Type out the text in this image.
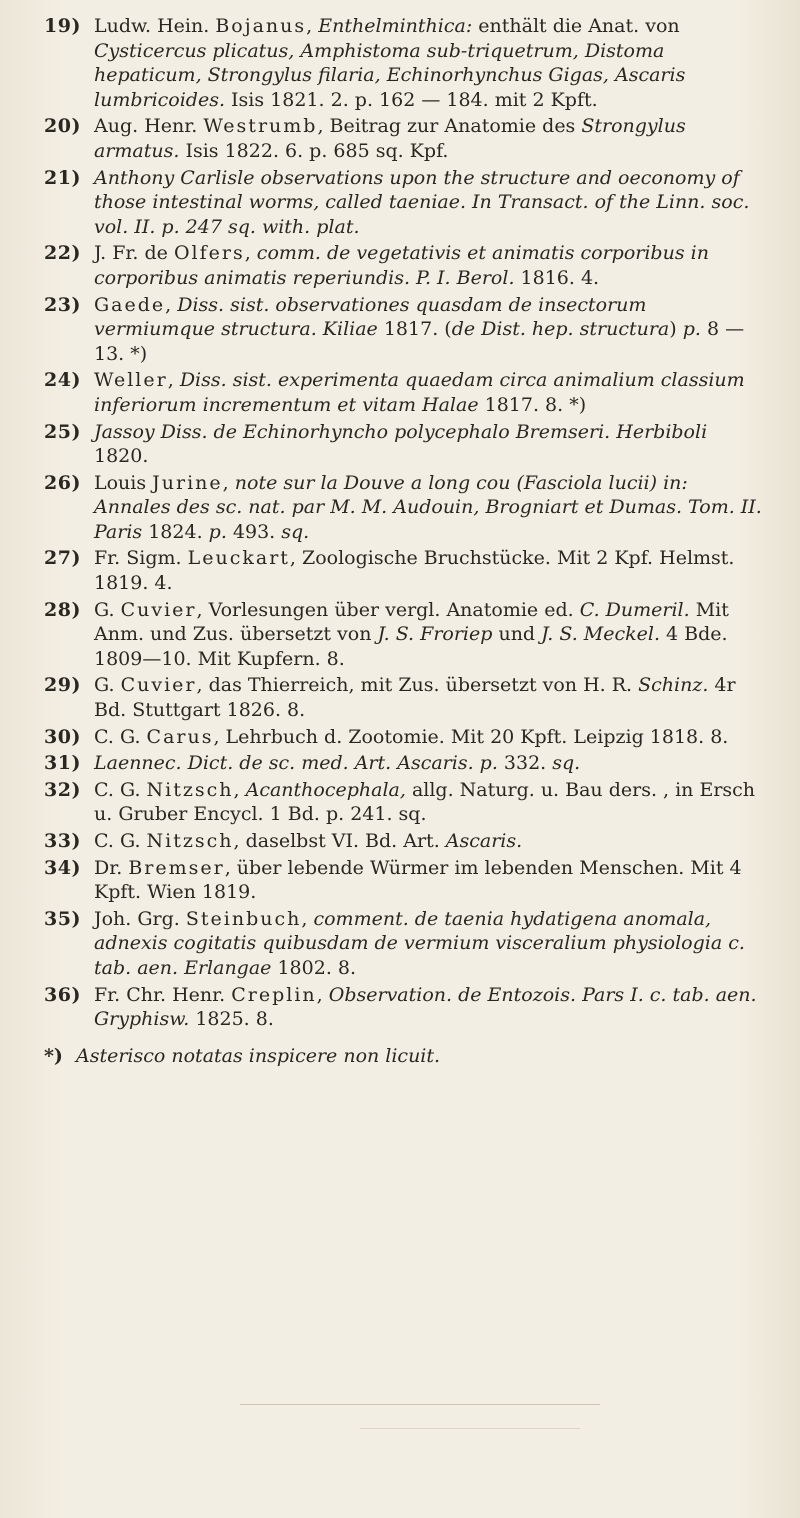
19) Ludw. Hein. Bojanus, Enthelminthica: enthält die Anat. von Cysticercus plicatus, Amphistoma sub-triquetrum, Distoma hepaticum, Strongylus filaria, Echinorhynchus Gigas, Ascaris lumbricoides. Isis 1821. 2. p. 162 — 184. mit 2 Kpft.
20) Aug. Henr. Westrumb, Beitrag zur Anatomie des Strongylus armatus. Isis 1822. 6. p. 685 sq. Kpf.
21) Anthony Carlisle observations upon the structure and oeconomy of those intestinal worms, called taeniae. In Transact. of the Linn. soc. vol. II. p. 247 sq. with. plat.
22) J. Fr. de Olfers, comm. de vegetativis et animatis corporibus in corporibus animatis reperiundis. P. I. Berol. 1816. 4.
23) Gaede, Diss. sist. observationes quasdam de insectorum vermiumque structura. Kiliae 1817. (de Dist. hep. structura) p. 8 — 13. *)
24) Weller, Diss. sist. experimenta quaedam circa animalium classium inferiorum incrementum et vitam Halae 1817. 8. *)
25) Jassoy Diss. de Echinorhyncho polycephalo Bremseri. Herbiboli 1820.
26) Louis Jurine, note sur la Douve a long cou (Fasciola lucii) in: Annales des sc. nat. par M. M. Audouin, Brogniart et Dumas. Tom. II. Paris 1824. p. 493. sq.
27) Fr. Sigm. Leuckart, Zoologische Bruchstücke. Mit 2 Kpf. Helmst. 1819. 4.
28) G. Cuvier, Vorlesungen über vergl. Anatomie ed. C. Dumeril. Mit Anm. und Zus. übersetzt von J. S. Froriep und J. S. Meckel. 4 Bde. 1809—10. Mit Kupfern. 8.
29) G. Cuvier, das Thierreich, mit Zus. übersetzt von H. R. Schinz. 4r Bd. Stuttgart 1826. 8.
30) C. G. Carus, Lehrbuch d. Zootomie. Mit 20 Kpft. Leipzig 1818. 8.
31) Laennec. Dict. de sc. med. Art. Ascaris. p. 332. sq.
32) C. G. Nitzsch, Acanthocephala, allg. Naturg. u. Bau ders. , in Ersch u. Gruber Encycl. 1 Bd. p. 241. sq.
33) C. G. Nitzsch, daselbst VI. Bd. Art. Ascaris.
34) Dr. Bremser, über lebende Würmer im lebenden Menschen. Mit 4 Kpft. Wien 1819.
35) Joh. Grg. Steinbuch, comment. de taenia hydatigena anomala, adnexis cogitatis quibusdam de vermium visceralium physiologia c. tab. aen. Erlangae 1802. 8.
36) Fr. Chr. Henr. Creplin, Observation. de Entozois. Pars I. c. tab. aen. Gryphisw. 1825. 8.
*) Asterisco notatas inspicere non licuit.
